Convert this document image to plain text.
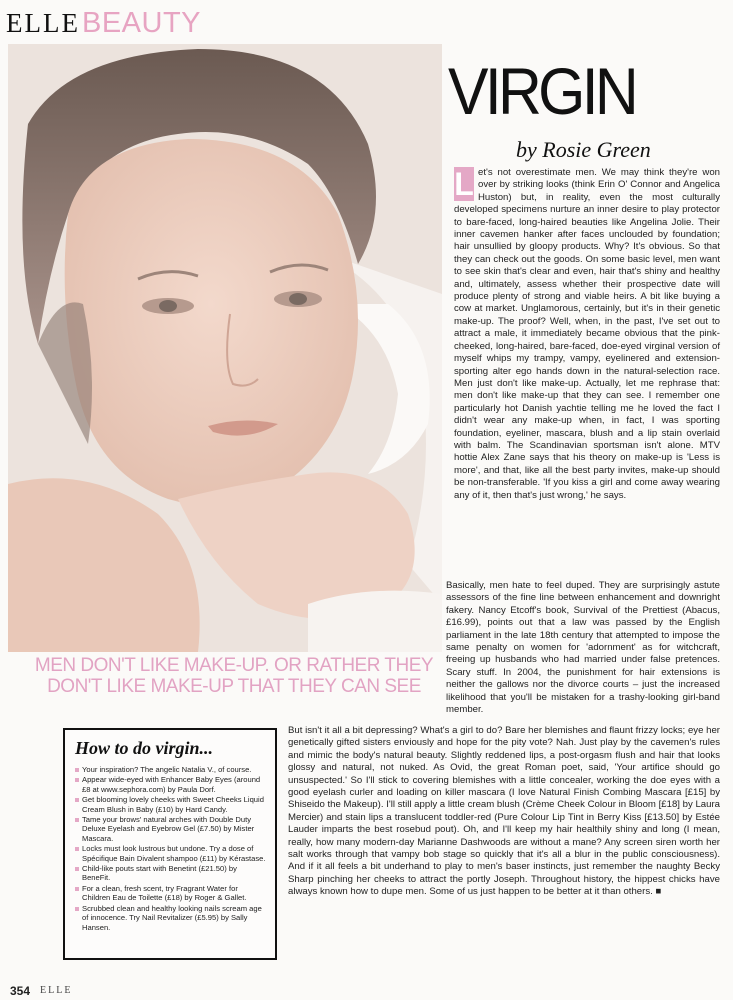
ELLE BEAUTY
VIRGIN
by Rosie Green
L et's not overestimate men. We may think they're won over by striking looks (think Erin O' Connor and Angelica Huston) but, in reality, even the most culturally developed specimens nurture an inner desire to play protector to bare-faced, long-haired beauties like Angelina Jolie. Their inner cavemen hanker after faces unclouded by foundation; hair unsullied by gloopy products. Why? It's obvious. So that they can check out the goods. On some basic level, men want to see skin that's clear and even, hair that's shiny and healthy and, ultimately, assess whether their prospective date will produce plenty of strong and viable heirs. A bit like buying a cow at market. Unglamorous, certainly, but it's in their genetic make-up. The proof? Well, when, in the past, I've set out to attract a male, it immediately became obvious that the pink-cheeked, long-haired, bare-faced, doe-eyed virginal version of myself whips my trampy, vampy, eyelinered and extension-sporting alter ego hands down in the natural-selection race. Men just don't like make-up. Actually, let me rephrase that: men don't like make-up that they can see. I remember one particularly hot Danish yachtie telling me he loved the fact I didn't wear any make-up when, in fact, I was sporting foundation, eyeliner, mascara, blush and a lip stain overlaid with balm. The Scandinavian sportsman isn't alone. MTV hottie Alex Zane says that his theory on make-up is 'Less is more', and that, like all the best party invites, make-up should be non-transferable. 'If you kiss a girl and come away wearing any of it, then that's just wrong,' he says.
Basically, men hate to feel duped. They are surprisingly astute assessors of the fine line between enhancement and downright fakery. Nancy Etcoff's book, Survival of the Prettiest (Abacus, £16.99), points out that a law was passed by the English parliament in the late 18th century that attempted to impose the same penalty on women for 'adornment' as for witchcraft, freeing up husbands who had married under false pretences. Scary stuff. In 2004, the punishment for hair extensions is neither the gallows nor the divorce courts – just the increased likelihood that you'll be mistaken for a trashy-looking girl-band member.
MEN DON'T LIKE MAKE-UP. OR RATHER THEY DON'T LIKE MAKE-UP THAT THEY CAN SEE
But isn't it all a bit depressing? What's a girl to do? Bare her blemishes and flaunt frizzy locks; eye her genetically gifted sisters enviously and hope for the pity vote? Nah. Just play by the cavemen's rules and mimic the body's natural beauty. Slightly reddened lips, a post-orgasm flush and hair that looks glossy and natural, not nuked. As Ovid, the great Roman poet, said, 'Your artifice should go unsuspected.' So I'll stick to covering blemishes with a little concealer, working the doe eyes with a good eyelash curler and loading on killer mascara (I love Natural Finish Combing Mascara [£15] by Shiseido the Makeup). I'll still apply a little cream blush (Crème Cheek Colour in Bloom [£18] by Laura Mercier) and stain lips a translucent toddler-red (Pure Colour Lip Tint in Berry Kiss [£13.50] by Estée Lauder imparts the best rosebud pout). Oh, and I'll keep my hair healthily shiny and long (I mean, really, how many modern-day Marianne Dashwoods are without a mane? Any screen siren worth her salt works through that vampy bob stage so quickly that it's all a blur in the public consciousness). And if it all feels a bit underhand to play to men's baser instincts, just remember the naughty Becky Sharp pinching her cheeks to attract the portly Joseph. Throughout history, the hippest chicks have always known how to dupe men. Some of us just happen to be better at it than others. ■
How to do virgin...
Your inspiration? The angelic Natalia V., of course.
Appear wide-eyed with Enhancer Baby Eyes (around £8 at www.sephora.com) by Paula Dorf.
Get blooming lovely cheeks with Sweet Cheeks Liquid Cream Blush in Baby (£10) by Hard Candy.
Tame your brows' natural arches with Double Duty Deluxe Eyelash and Eyebrow Gel (£7.50) by Mister Mascara.
Locks must look lustrous but undone. Try a dose of Spécifique Bain Divalent shampoo (£11) by Kérastase.
Child-like pouts start with Benetint (£21.50) by BeneFit.
For a clean, fresh scent, try Fragrant Water for Children Eau de Toilette (£18) by Roger & Gallet.
Scrubbed clean and healthy looking nails scream age of innocence. Try Nail Revitalizer (£5.95) by Sally Hansen.
354 ELLE
